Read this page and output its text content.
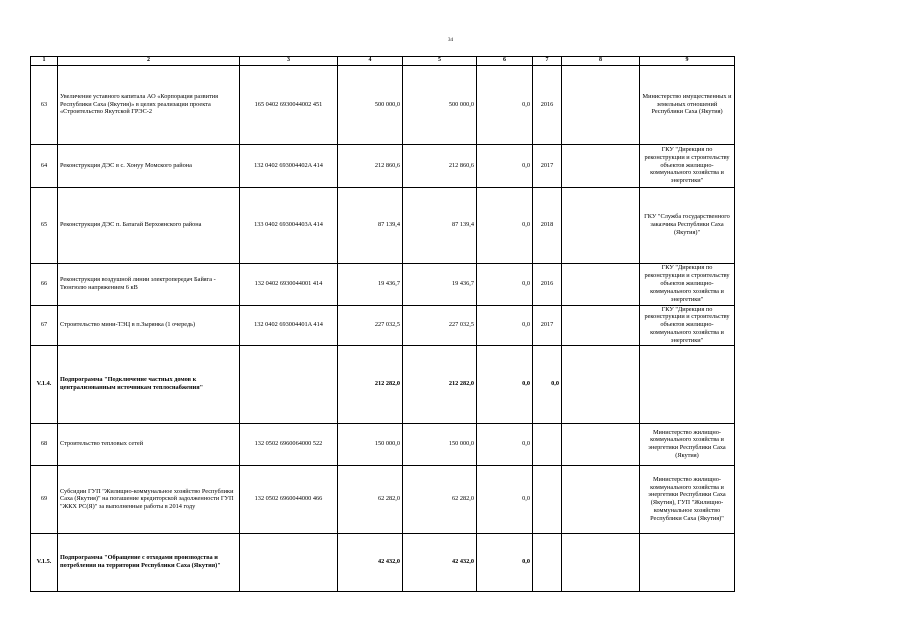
34
1	2	3	4	5	6	7	8	9
63	Увеличение уставного капитала АО «Корпорация развития Республики Саха (Якутия)» в целях реализации проекта «Строительство Якутской ГРЭС-2	165 0402 6930044002 451	500 000,0	500 000,0	0,0	2016		Министерство имущественных и земельных отношений Республики Саха (Якутия)
64	Реконструкция ДЭС в с. Хонуу Момского района	132 0402 693004402A 414	212 860,6	212 860,6	0,0	2017		ГКУ "Дирекция по реконструкции и строительству объектов жилищно-коммунального хозяйства и энергетики"
65	Реконструкция ДЭС п. Батагай Верхоянского района	133 0402 693004403A 414	87 139,4	87 139,4	0,0	2018		ГКУ "Служба государственного заказчика Республики Саха (Якутия)"
66	Реконструкция воздушной линии электропередач Байяга - Тюнгюлю напряжением 6 кВ	132 0402 6930044001 414	19 436,7	19 436,7	0,0	2016		ГКУ "Дирекция по реконструкции и строительству объектов жилищно-коммунального хозяйства и энергетики"
67	Строительство мини-ТЭЦ в п.Зырянка (1 очередь)	132 0402 693004401A 414	227 032,5	227 032,5	0,0	2017		ГКУ "Дирекция по реконструкции и строительству объектов жилищно-коммунального хозяйства и энергетики"
V.1.4.	Подпрограмма "Подключение частных домов к централизованным источникам теплоснабжения"		212 282,0	212 282,0	0,0	0,0		
68	Строительство тепловых сетей	132 0502 6960064000 522	150 000,0	150 000,0	0,0			Министерство жилищно-коммунального хозяйства и энергетики Республики Саха (Якутия)
69	Субсидии ГУП "Жилищно-коммунальное хозяйство Республики Саха (Якутия)" на погашение кредиторской задолженности ГУП "ЖКХ РС(Я)" за выполненные работы в 2014 году	132 0502 6960044000 466	62 282,0	62 282,0	0,0			Министерство жилищно-коммунального хозяйства и энергетики Республики Саха (Якутия), ГУП "Жилищно-коммунальное хозяйство Республики Саха (Якутия)"
V.1.5.	Подпрограмма "Обращение с отходами производства и потребления на территории Республики Саха (Якутия)"		42 432,0	42 432,0	0,0			
